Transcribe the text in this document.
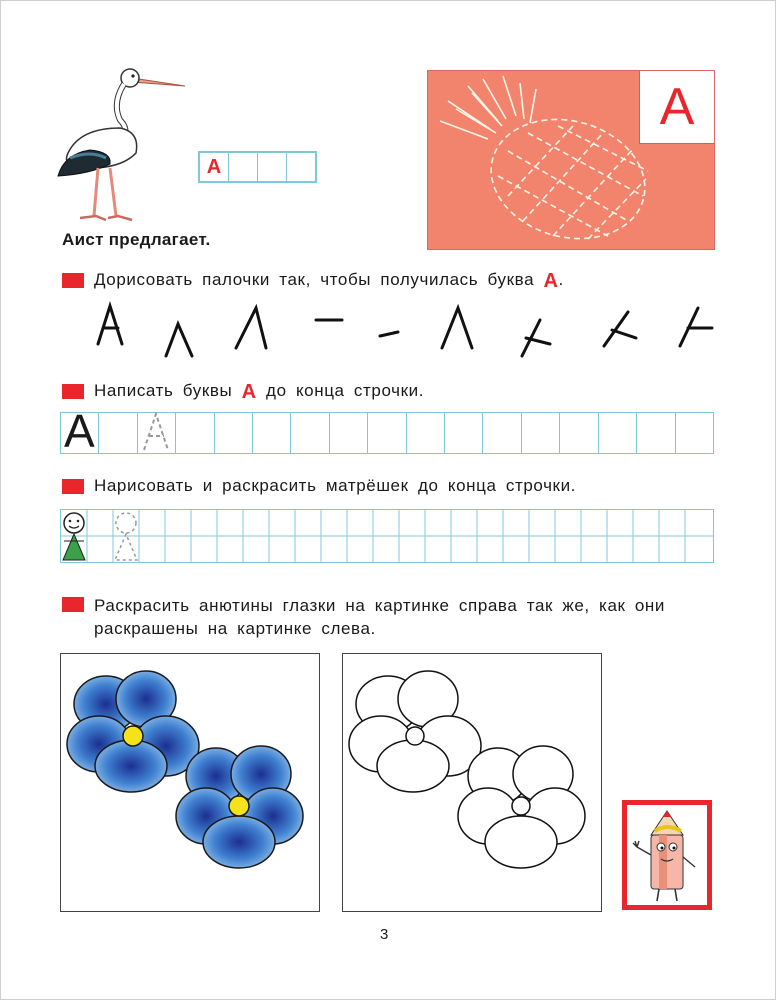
А
Аист предлагает.
А
Дорисовать палочки так, чтобы получилась буква
А .
Написать буквы
А
до конца строчки.
А
Нарисовать и раскрасить матрёшек до конца строчки.
Раскрасить анютины глазки на картинке справа так же, как они раскрашены на картинке слева.
3
